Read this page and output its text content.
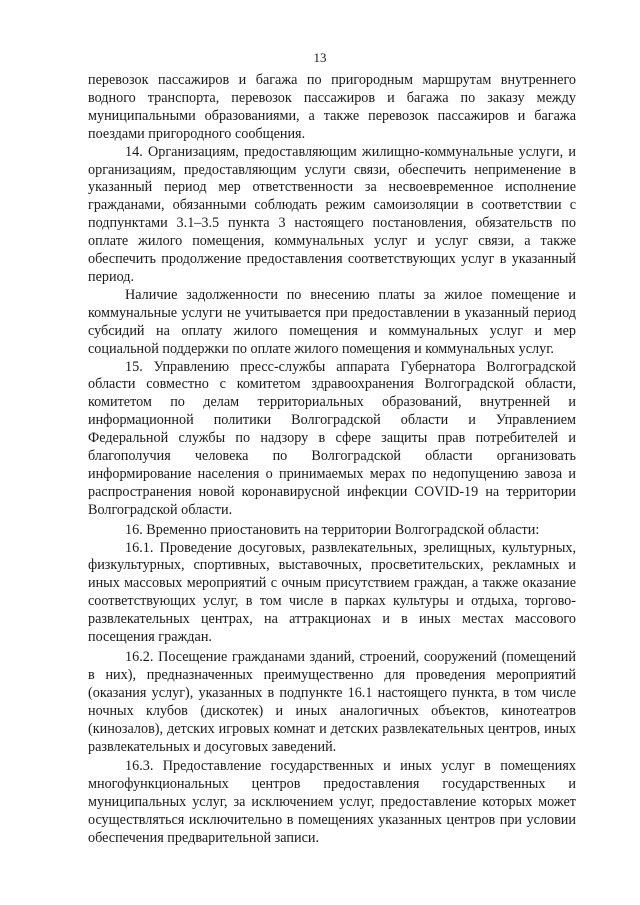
13

перевозок пассажиров и багажа по пригородным маршрутам внутреннего водного транспорта, перевозок пассажиров и багажа по заказу между муниципальными образованиями, а также перевозок пассажиров и багажа поездами пригородного сообщения.

14. Организациям, предоставляющим жилищно-коммунальные услуги, и организациям, предоставляющим услуги связи, обеспечить неприменение в указанный период мер ответственности за несвоевременное исполнение гражданами, обязанными соблюдать режим самоизоляции в соответствии с подпунктами 3.1–3.5 пункта 3 настоящего постановления, обязательств по оплате жилого помещения, коммунальных услуг и услуг связи, а также обеспечить продолжение предоставления соответствующих услуг в указанный период.

Наличие задолженности по внесению платы за жилое помещение и коммунальные услуги не учитывается при предоставлении в указанный период субсидий на оплату жилого помещения и коммунальных услуг и мер социальной поддержки по оплате жилого помещения и коммунальных услуг.

15. Управлению пресс-службы аппарата Губернатора Волгоградской области совместно с комитетом здравоохранения Волгоградской области, комитетом по делам территориальных образований, внутренней и информационной политики Волгоградской области и Управлением Федеральной службы по надзору в сфере защиты прав потребителей и благополучия человека по Волгоградской области организовать информирование населения о принимаемых мерах по недопущению завоза и распространения новой коронавирусной инфекции COVID-19 на территории Волгоградской области.

16. Временно приостановить на территории Волгоградской области:

16.1. Проведение досуговых, развлекательных, зрелищных, культурных, физкультурных, спортивных, выставочных, просветительских, рекламных и иных массовых мероприятий с очным присутствием граждан, а также оказание соответствующих услуг, в том числе в парках культуры и отдыха, торгово-развлекательных центрах, на аттракционах и в иных местах массового посещения граждан.

16.2. Посещение гражданами зданий, строений, сооружений (помещений в них), предназначенных преимущественно для проведения мероприятий (оказания услуг), указанных в подпункте 16.1 настоящего пункта, в том числе ночных клубов (дискотек) и иных аналогичных объектов, кинотеатров (кинозалов), детских игровых комнат и детских развлекательных центров, иных развлекательных и досуговых заведений.

16.3. Предоставление государственных и иных услуг в помещениях многофункциональных центров предоставления государственных и муниципальных услуг, за исключением услуг, предоставление которых может осуществляться исключительно в помещениях указанных центров при условии обеспечения предварительной записи.
